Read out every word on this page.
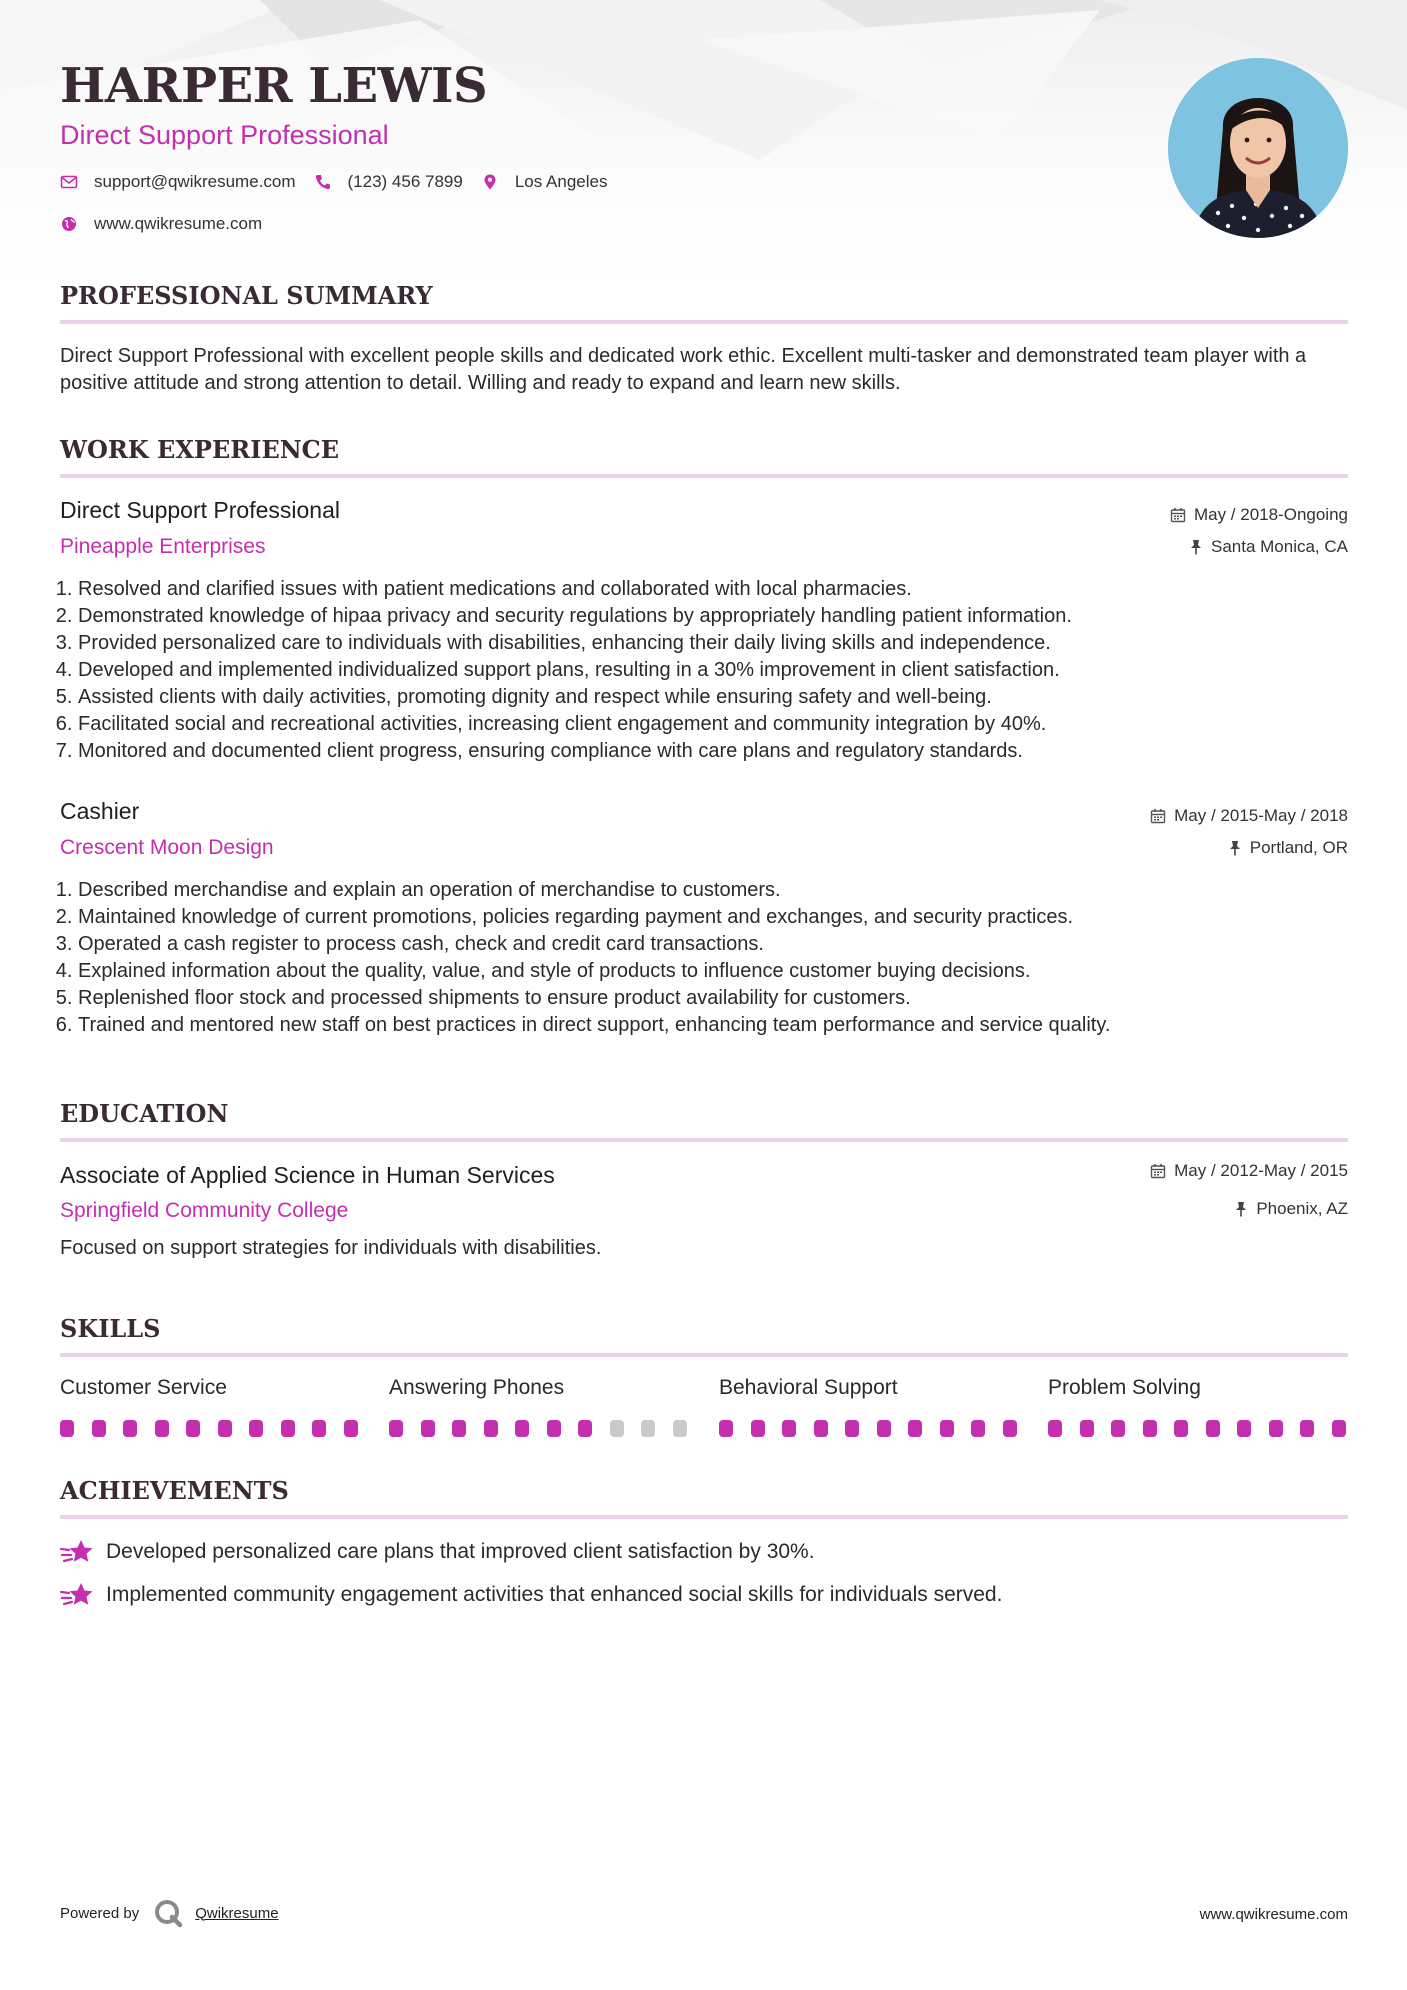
HARPER LEWIS
Direct Support Professional
support@qwikresume.com	(123) 456 7899	Los Angeles
www.qwikresume.com
PROFESSIONAL SUMMARY

Direct Support Professional with excellent people skills and dedicated work ethic. Excellent multi-tasker and demonstrated team player with a positive attitude and strong attention to detail. Willing and ready to expand and learn new skills.

WORK EXPERIENCE
Direct Support Professional
Pineapple Enterprises
May / 2018-Ongoing
Santa Monica, CA
1. Resolved and clarified issues with patient medications and collaborated with local pharmacies.
2. Demonstrated knowledge of hipaa privacy and security regulations by appropriately handling patient information.
3. Provided personalized care to individuals with disabilities, enhancing their daily living skills and independence.
4. Developed and implemented individualized support plans, resulting in a 30% improvement in client satisfaction.
5. Assisted clients with daily activities, promoting dignity and respect while ensuring safety and well-being.
6. Facilitated social and recreational activities, increasing client engagement and community integration by 40%.
7. Monitored and documented client progress, ensuring compliance with care plans and regulatory standards.
Cashier
Crescent Moon Design
May / 2015-May / 2018
Portland, OR
1. Described merchandise and explain an operation of merchandise to customers.
2. Maintained knowledge of current promotions, policies regarding payment and exchanges, and security practices.
3. Operated a cash register to process cash, check and credit card transactions.
4. Explained information about the quality, value, and style of products to influence customer buying decisions.
5. Replenished floor stock and processed shipments to ensure product availability for customers.
6. Trained and mentored new staff on best practices in direct support, enhancing team performance and service quality.
EDUCATION
Associate of Applied Science in Human Services
Springfield Community College
May / 2012-May / 2015
Phoenix, AZ

Focused on support strategies for individuals with disabilities.

SKILLS
Customer Service	Answering Phones	Behavioral Support	Problem Solving
ACHIEVEMENTS
Developed personalized care plans that improved client satisfaction by 30%.
Implemented community engagement activities that enhanced social skills for individuals served.
Powered by	Qwikresume	www.qwikresume.com
